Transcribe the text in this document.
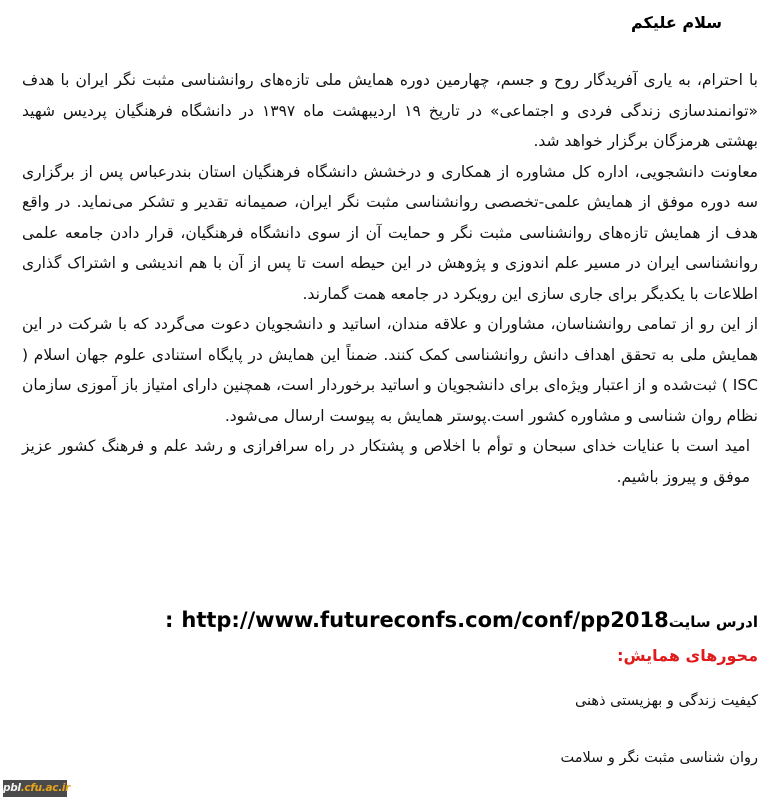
سلام علیکم

با احترام، به یاری آفریدگار روح و جسم، چهارمین دوره همایش ملی تازه‌های روانشناسی مثبت نگر ایران با هدف «توانمندسازی زندگی فردی و اجتماعی» در تاریخ ۱۹ اردیبهشت ماه ۱۳۹۷ در دانشگاه فرهنگیان پردیس شهید بهشتی هرمزگان برگزار خواهد شد.

معاونت دانشجویی، اداره کل مشاوره از همکاری و درخشش دانشگاه فرهنگیان استان بندرعباس پس از برگزاری سه دوره موفق از همایش علمی-تخصصی روانشناسی مثبت نگر ایران، صمیمانه تقدیر و تشکر می‌نماید. در واقع هدف از همایش تازه‌های روانشناسی مثبت نگر و حمایت آن از سوی دانشگاه فرهنگیان، قرار دادن جامعه علمی روانشناسی ایران در مسیر علم اندوزی و پژوهش در این حیطه است تا پس از آن با هم اندیشی و اشتراک گذاری اطلاعات با یکدیگر برای جاری سازی این رویکرد در جامعه همت گمارند.

از این رو از تمامی روانشناسان، مشاوران و علاقه مندان، اساتید و دانشجویان دعوت می‌گردد که با شرکت در این همایش ملی به تحقق اهداف دانش روانشناسی کمک کنند. ضمناً این همایش در پایگاه استنادی علوم جهان اسلام ( ISC ) ثبت‌شده و از اعتبار ویژه‌ای برای دانشجویان و اساتید برخوردار است، همچنین دارای امتیاز باز آموزی سازمان نظام روان شناسی و مشاوره کشور است.پوستر همایش به پیوست ارسال می‌شود.

امید است با عنایات خدای سبحان و توأم با اخلاص و پشتکار در راه سرافرازی و رشد علم و فرهنگ کشور عزیز موفق و پیروز باشیم.

ادرس سایتhttp://www.futureconfs.com/conf/pp2018:
محورهای همایش:
کیفیت زندگی و بهزیستی ذهنی
روان شناسی مثبت نگر و سلامت
pbl.cfu.ac.ir
